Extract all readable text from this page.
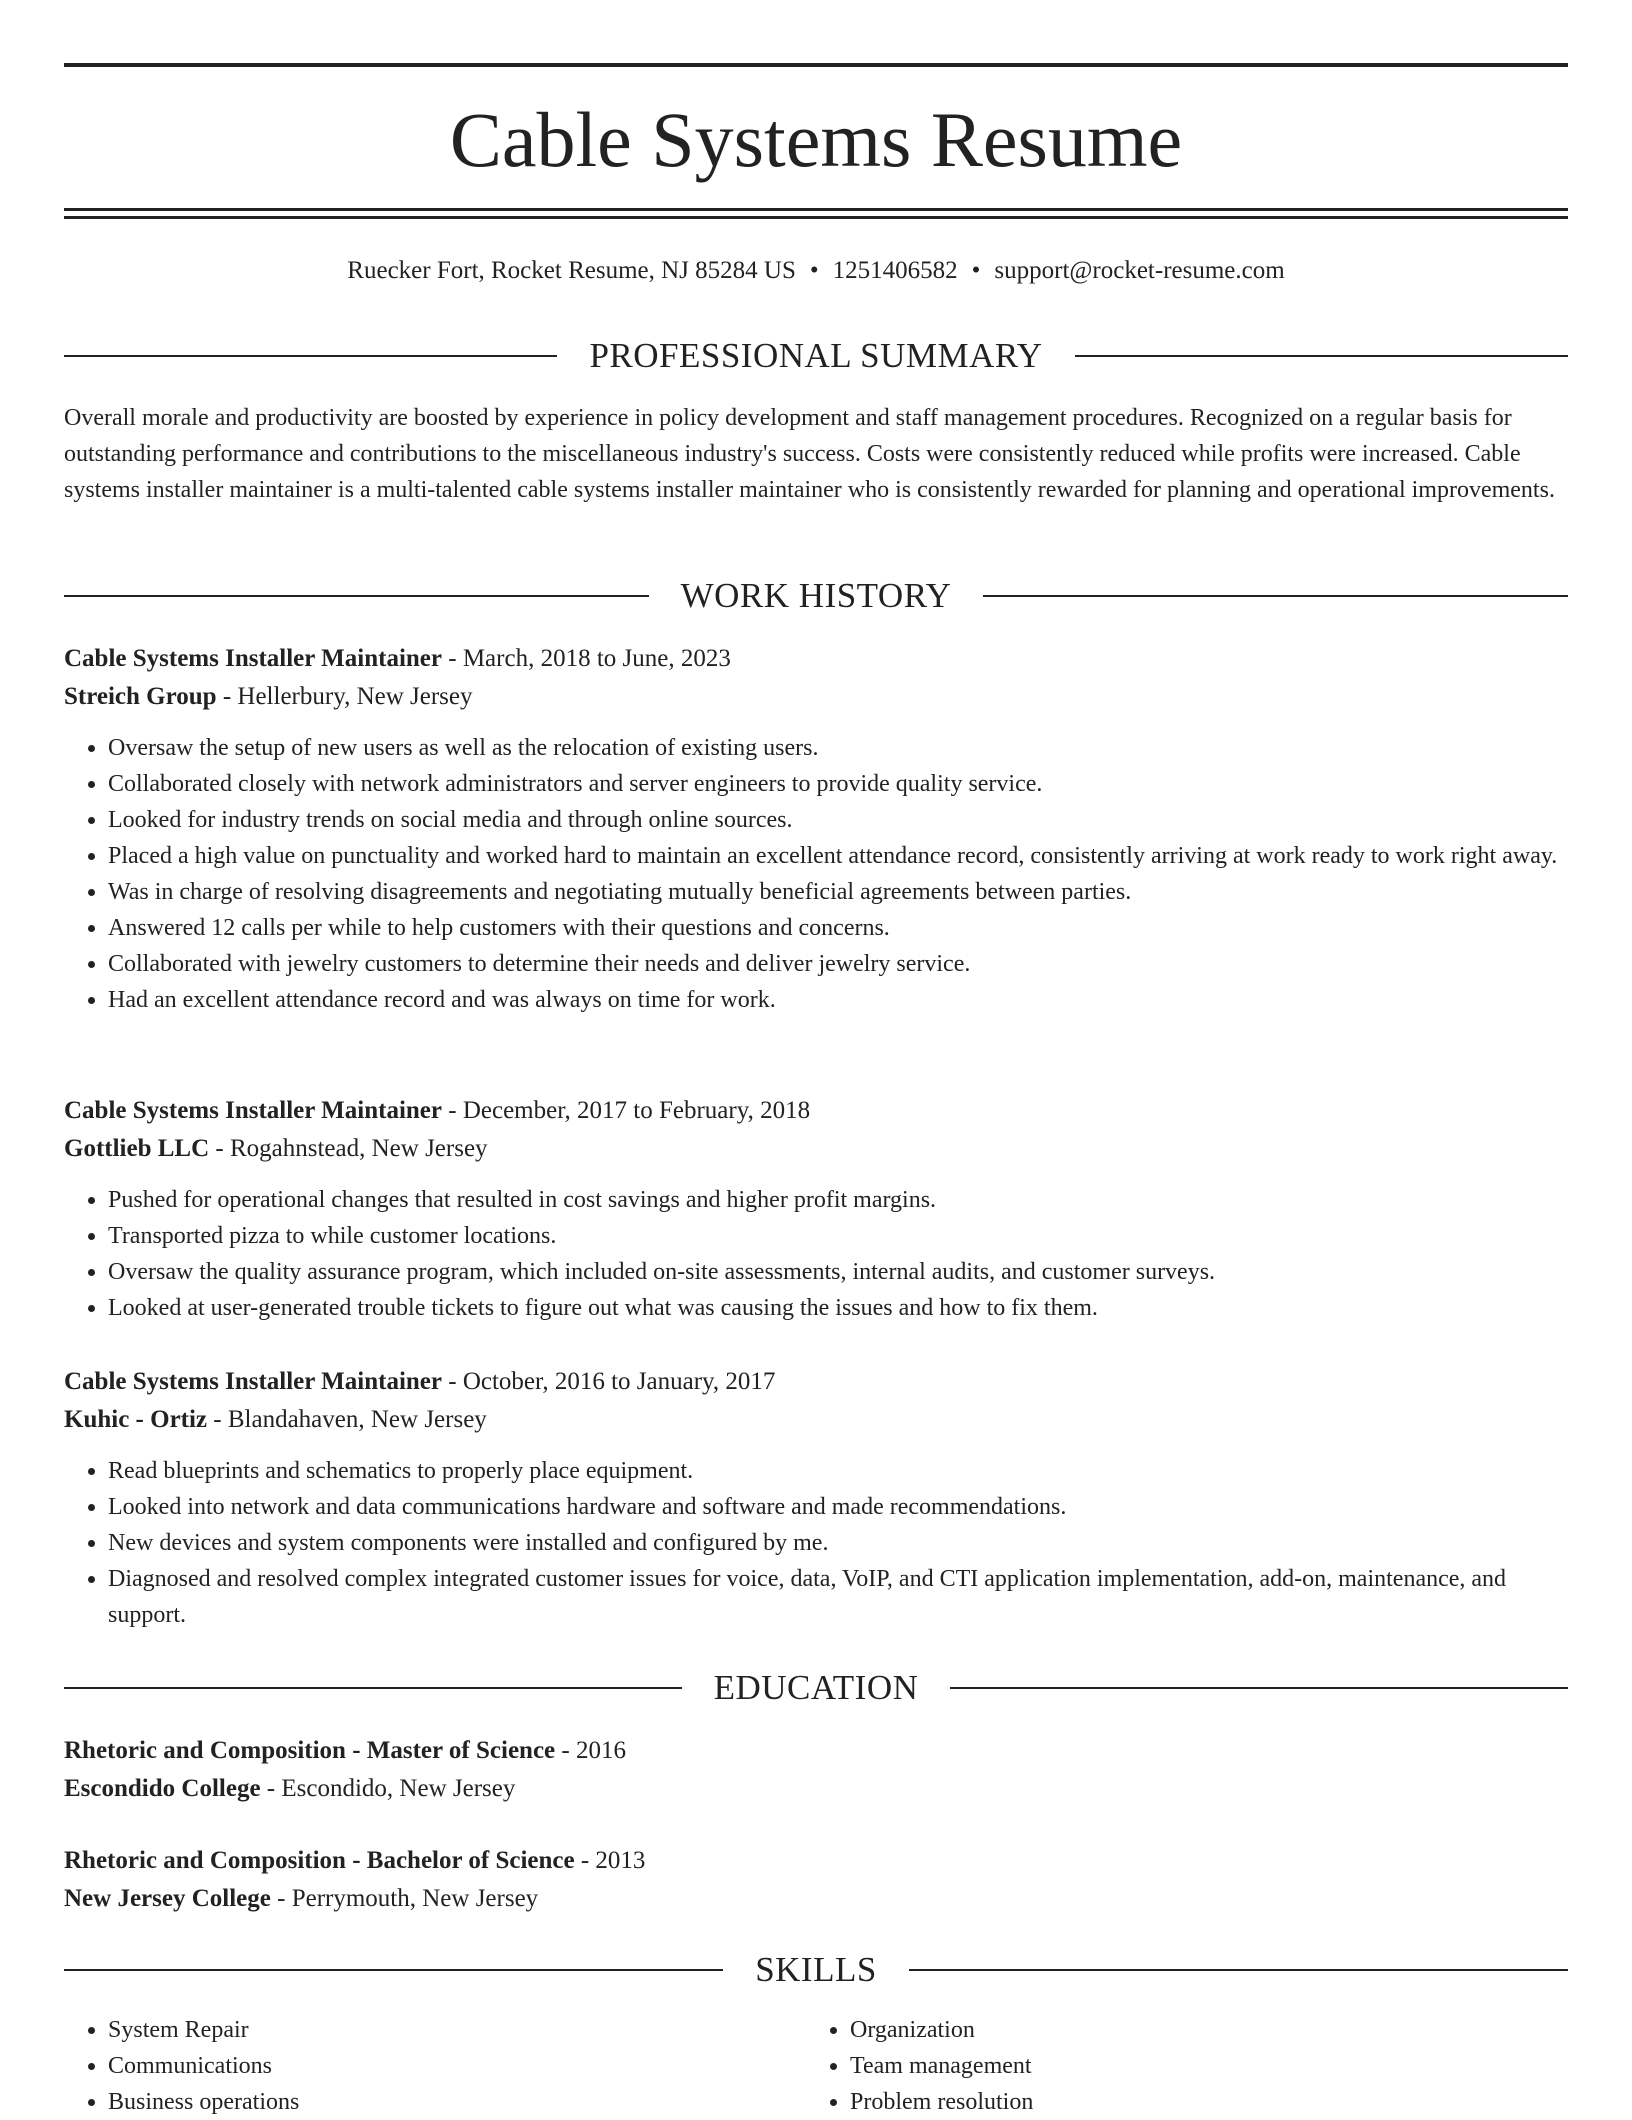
Cable Systems Resume
Ruecker Fort, Rocket Resume, NJ 85284 US • 1251406582 • support@rocket-resume.com
PROFESSIONAL SUMMARY

Overall morale and productivity are boosted by experience in policy development and staff management procedures. Recognized on a regular basis for outstanding performance and contributions to the miscellaneous industry's success. Costs were consistently reduced while profits were increased. Cable systems installer maintainer is a multi-talented cable systems installer maintainer who is consistently rewarded for planning and operational improvements.

WORK HISTORY
Cable Systems Installer Maintainer - March, 2018 to June, 2023
Streich Group - Hellerbury, New Jersey
• Oversaw the setup of new users as well as the relocation of existing users.
• Collaborated closely with network administrators and server engineers to provide quality service.
• Looked for industry trends on social media and through online sources.
• Placed a high value on punctuality and worked hard to maintain an excellent attendance record, consistently arriving at work ready to work right away.
• Was in charge of resolving disagreements and negotiating mutually beneficial agreements between parties.
• Answered 12 calls per while to help customers with their questions and concerns.
• Collaborated with jewelry customers to determine their needs and deliver jewelry service.
• Had an excellent attendance record and was always on time for work.
Cable Systems Installer Maintainer - December, 2017 to February, 2018
Gottlieb LLC - Rogahnstead, New Jersey
• Pushed for operational changes that resulted in cost savings and higher profit margins.
• Transported pizza to while customer locations.
• Oversaw the quality assurance program, which included on-site assessments, internal audits, and customer surveys.
• Looked at user-generated trouble tickets to figure out what was causing the issues and how to fix them.
Cable Systems Installer Maintainer - October, 2016 to January, 2017
Kuhic - Ortiz - Blandahaven, New Jersey
• Read blueprints and schematics to properly place equipment.
• Looked into network and data communications hardware and software and made recommendations.
• New devices and system components were installed and configured by me.
• Diagnosed and resolved complex integrated customer issues for voice, data, VoIP, and CTI application implementation, add-on, maintenance, and support.
EDUCATION
Rhetoric and Composition - Master of Science - 2016
Escondido College - Escondido, New Jersey
Rhetoric and Composition - Bachelor of Science - 2013
New Jersey College - Perrymouth, New Jersey
SKILLS
• System Repair
• Communications
• Business operations
• Organization
• Team management
• Problem resolution
